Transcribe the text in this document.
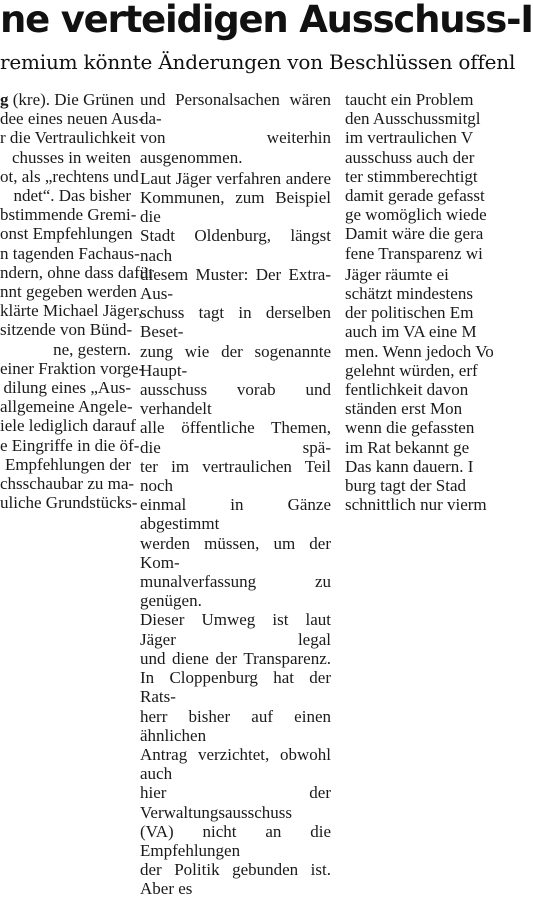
ne verteidigen Ausschuss-I
remium könnte Änderungen von Beschlüssen offenl
g (kre). Die Grünen
dee eines neuen Aus-
r die Vertraulichkeit
chusses in weiten
ot, als „rechtens und
ndet“. Das bisher
bstimmende Gremi-
onst Empfehlungen
n tagenden Fachaus-
ndern, ohne dass dafür
nnt gegeben werden
klärte Michael Jäger,
sitzende von Bünd-
ne, gestern.
einer Fraktion vorge-
dilung eines „Aus-
allgemeine Angele-
iele lediglich darauf
e Eingriffe in die öf-
Empfehlungen der
chsschaubar zu ma-
uliche Grundstücks-
und Personalsachen wären da-
von weiterhin ausgenommen.

Laut Jäger verfahren andere
Kommunen, zum Beispiel die
Stadt Oldenburg, längst nach
diesem Muster: Der Extra-Aus-
schuss tagt in derselben Beset-
zung wie der sogenannte Haupt-
ausschuss vorab und verhandelt
alle öffentliche Themen, die spä-
ter im vertraulichen Teil noch
einmal in Gänze abgestimmt
werden müssen, um der Kom-
munalverfassung zu genügen.
Dieser Umweg ist laut Jäger legal
und diene der Transparenz.
In Cloppenburg hat der Rats-
herr bisher auf einen ähnlichen
Antrag verzichtet, obwohl auch
hier der Verwaltungsausschuss
(VA) nicht an die Empfehlungen
der Politik gebunden ist. Aber es
taucht ein Problem
den Ausschussmitgl
im vertraulichen V
ausschuss auch der
ter stimmberechtigt
damit gerade gefasst
ge womöglich wiede
Damit wäre die gera
fene Transparenz wi

Jäger räumte ei
schätzt mindestens
der politischen Em
auch im VA eine M
men. Wenn jedoch Vo
gelehnt würden, erf
fentlichkeit davon
ständen erst Mon
wenn die gefassten
im Rat bekannt ge
Das kann dauern. I
burg tagt der Stad
schnittlich nur vierm
